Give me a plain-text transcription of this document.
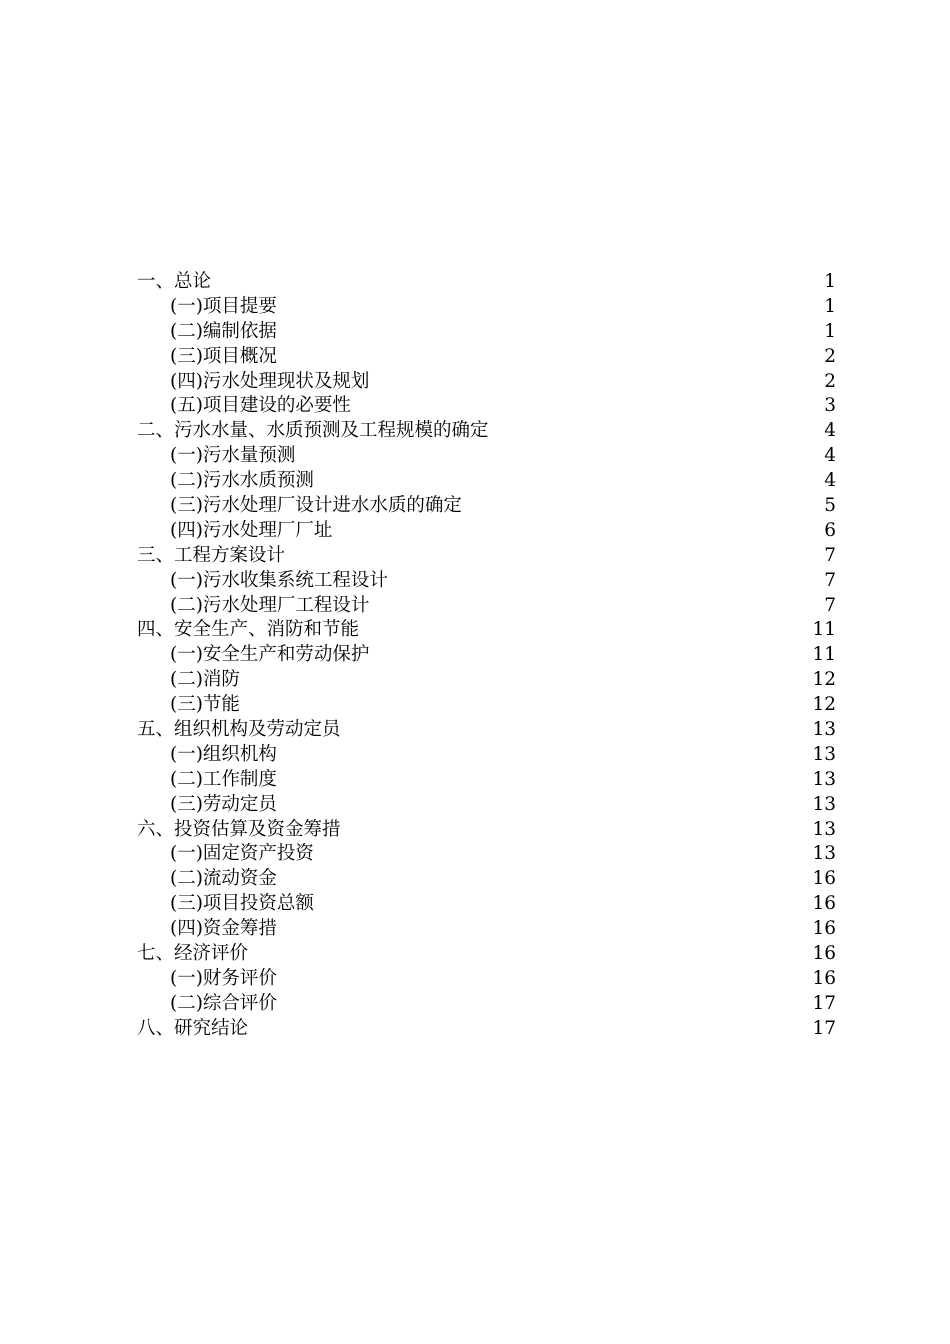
一、总论	1
(一)项目提要	1
(二)编制依据	1
(三)项目概况	2
(四)污水处理现状及规划	2
(五)项目建设的必要性	3
二、污水水量、水质预测及工程规模的确定	4
(一)污水量预测	4
(二)污水水质预测	4
(三)污水处理厂设计进水水质的确定	5
(四)污水处理厂厂址	6
三、工程方案设计	7
(一)污水收集系统工程设计	7
(二)污水处理厂工程设计	7
四、安全生产、消防和节能	11
(一)安全生产和劳动保护	11
(二)消防	12
(三)节能	12
五、组织机构及劳动定员	13
(一)组织机构	13
(二)工作制度	13
(三)劳动定员	13
六、投资估算及资金筹措	13
(一)固定资产投资	13
(二)流动资金	16
(三)项目投资总额	16
(四)资金筹措	16
七、经济评价	16
(一)财务评价	16
(二)综合评价	17
八、研究结论	17
